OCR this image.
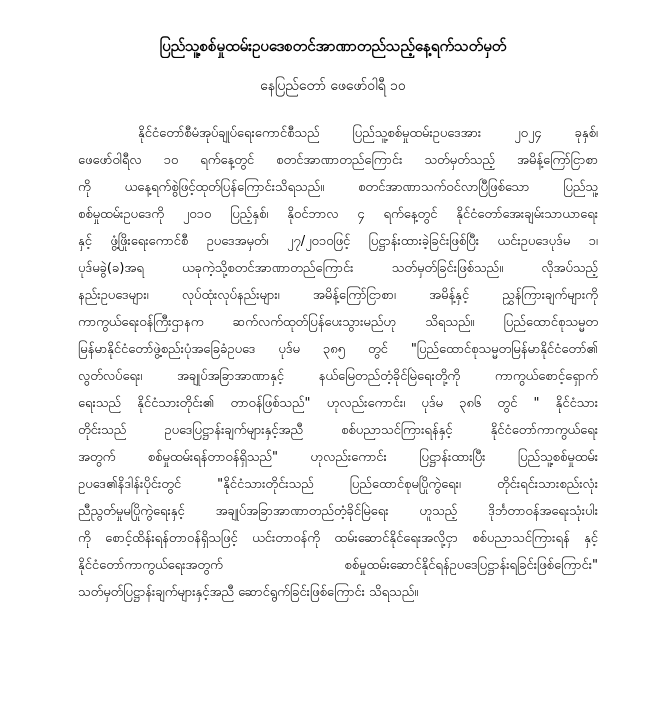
ပြည်သူ့စစ်မှုထမ်းဥပဒေစတင်အာဏာတည်သည့်နေ့ရက်သတ်မှတ်
နေပြည်တော် ဖေဖော်ဝါရီ ၁၀
နိုင်ငံတော်စီမံအုပ်ချုပ်ရေးကောင်စီသည် ပြည်သူ့စစ်မှုထမ်းဥပဒေအား ၂၀၂၄ ခုနှစ်၊
ဖေဖော်ဝါရီလ ၁၀ ရက်နေ့တွင် စတင်အာဏာတည်ကြောင်း သတ်မှတ်သည့် အမိန့်ကြော်ငြာစာ
ကို ယနေ့ရက်စွဲဖြင့်ထုတ်ပြန်ကြောင်းသိရသည်။ စတင်အာဏာသက်ဝင်လာပြီဖြစ်သော ပြည်သူ့
စစ်မှုထမ်းဥပဒေကို ၂၀၁၀ ပြည့်နှစ်၊ နိုဝင်ဘာလ ၄ ရက်နေ့တွင် နိုင်ငံတော်အေးချမ်းသာယာရေး
နှင့် ဖွံ့ဖြိုးရေးကောင်စီ ဥပဒေအမှတ်၊ ၂၇/၂၀၁၀ဖြင့် ပြဋ္ဌာန်းထားခဲ့ခြင်းဖြစ်ပြီး ယင်းဥပဒေပုဒ်မ ၁၊
ပုဒ်မခွဲ(ခ)အရ ယခုကဲ့သို့စတင်အာဏာတည်ကြောင်း သတ်မှတ်ခြင်းဖြစ်သည်။ လိုအပ်သည့်
နည်းဥပဒေများ၊ လုပ်ထုံးလုပ်နည်းများ၊ အမိန့်ကြော်ငြာစာ၊ အမိန့်နှင့် ညွှန်ကြားချက်များကို
ကာကွယ်ရေးဝန်ကြီးဌာနက ဆက်လက်ထုတ်ပြန်ပေးသွားမည်ဟု သိရသည်။ ပြည်ထောင်စုသမ္မတ
မြန်မာနိုင်ငံတော်ဖွဲ့စည်းပုံအခြေခံဥပဒေ ပုဒ်မ ၃၈၅ တွင် "ပြည်ထောင်စုသမ္မတမြန်မာနိုင်ငံတော်၏
လွတ်လပ်ရေး၊ အချုပ်အခြာအာဏာနှင့် နယ်မြေတည်တံ့ခိုင်မြဲရေးတို့ကို ကာကွယ်စောင့်ရှောက်
ရေးသည် နိုင်ငံသားတိုင်း၏ တာဝန်ဖြစ်သည်" ဟုလည်းကောင်း၊ ပုဒ်မ ၃၈၆ တွင် " နိုင်ငံသား
တိုင်းသည် ဥပဒေပြဋ္ဌာန်းချက်များနှင့်အညီ စစ်ပညာသင်ကြားရန်နှင့် နိုင်ငံတော်ကာကွယ်ရေး
အတွက် စစ်မှုထမ်းရန်တာဝန်ရှိသည်" ဟုလည်းကောင်း ပြဋ္ဌာန်းထားပြီး ပြည်သူ့စစ်မှုထမ်း
ဥပဒေ၏နိဒါန်းပိုင်းတွင် "နိုင်ငံသားတိုင်းသည် ပြည်ထောင်စုမပြိုကွဲရေး၊ တိုင်းရင်းသားစည်းလုံး
ညီညွတ်မှုမပြိုကွဲရေးနှင့် အချုပ်အခြာအာဏာတည်တံ့ခိုင်မြဲရေး ဟူသည့် ဒိုင်္ဘတာဝန်အရေးသုံးပါး
ကို စောင့်ထိန်းရန်တာဝန်ရှိသဖြင့် ယင်းတာဝန်ကို ထမ်းဆောင်နိုင်ရေးအလို့ငှာ စစ်ပညာသင်ကြားရန် နှင့်
နိုင်ငံတော်ကာကွယ်ရေးအတွက် စစ်မှုထမ်းဆောင်နိုင်ရန်ဥပဒေပြဋ္ဌာန်းရခြင်းဖြစ်ကြောင်း"
သတ်မှတ်ပြဋ္ဌာန်းချက်များနှင့်အညီ ဆောင်ရွက်ခြင်းဖြစ်ကြောင်း သိရသည်။
